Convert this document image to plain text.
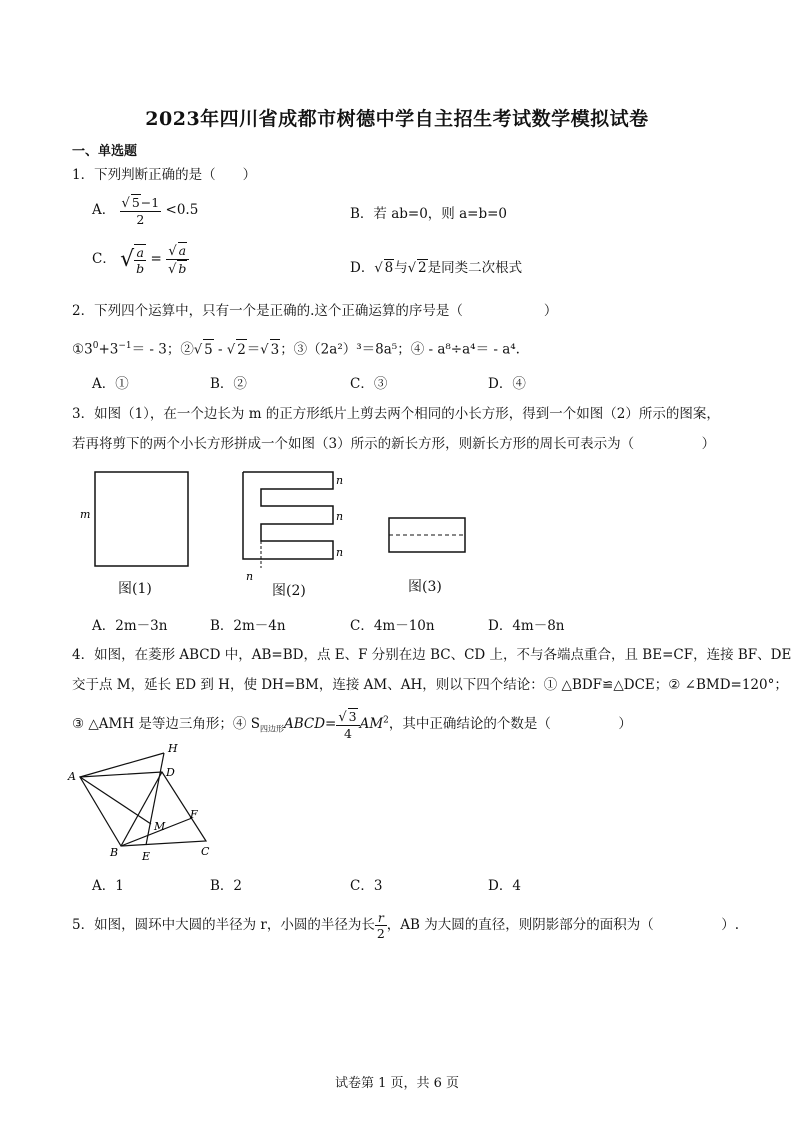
2023年四川省成都市树德中学自主招生考试数学模拟试卷
一、单选题
1．下列判断正确的是（　　）
A． $\frac{√ 5-1}{2} <0.5$	B．若 ab=0，则 a=b=0
C． √ $\frac{a}{b} = \frac{√ a}{√ b}$	D．√ 8与√ 2是同类二次根式
2．下列四个运算中，只有一个是正确的.这个正确运算的序号是（　　　　　　）
$①3^0+3^{-1}= - 3$；②√ 5 - √ 2＝√ 3；③（2a²）³＝8a⁵；④ - a⁸÷a⁴＝ - a⁴.
A．①	B．②	C．③	D．④
3．如图（1），在一个边长为 m 的正方形纸片上剪去两个相同的小长方形，得到一个如图（2）所示的图案，
若再将剪下的两个小长方形拼成一个如图（3）所示的新长方形，则新长方形的周长可表示为（　　　　　）
m
n
n
n
n
图(1)	图(2)	图(3)
A．2m－3n	B．2m－4n	C．4m－10n	D．4m－8n
4．如图，在菱形 ABCD 中，AB=BD，点 E、F 分别在边 BC、CD 上，不与各端点重合，且 BE=CF，连接 BF、DE
交于点 M，延长 ED 到 H，使 DH=BM，连接 AM、AH，则以下四个结论：① △BDF≌△DCE；② ∠BMD=120°；
③ △AMH 是等边三角形；④ $S_{四边形}ABCD= \frac{√ 3}{4} AM^2$，其中正确结论的个数是（　　　　　）
A	D
H
F
M
B E	C
A．1	B．2	C．3	D．4
5．如图，圆环中大圆的半径为 r，小圆的半径为长 $\frac{r}{2}$ ，AB 为大圆的直径，则阴影部分的面积为（　　　　　）.
试卷第 1 页，共 6 页
